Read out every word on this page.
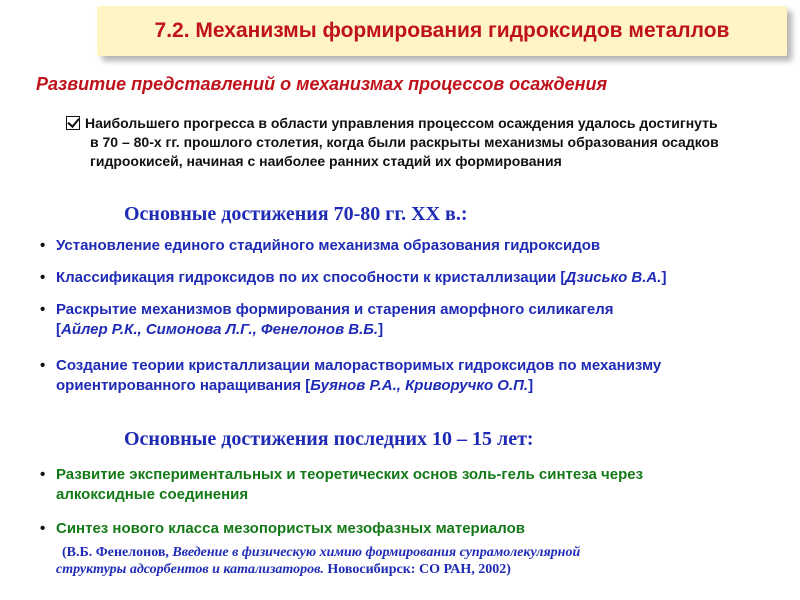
7.2. Механизмы формирования гидроксидов металлов
Развитие представлений о механизмах процессов осаждения
Наибольшего прогресса в области управления процессом осаждения удалось достигнуть
в 70 – 80-х гг. прошлого столетия, когда были раскрыты механизмы образования осадков
гидроокисей, начиная с наиболее ранних стадий их формирования
Основные достижения 70-80 гг. XX в.:
• Установление единого стадийного механизма образования гидроксидов
• Классификация гидроксидов по их способности к кристаллизации [Дзисько В.А.]
• Раскрытие механизмов формирования и старения аморфного силикагеля
[Айлер Р.К., Симонова Л.Г., Фенелонов В.Б.]
• Создание теории кристаллизации малорастворимых гидроксидов по механизму
ориентированного наращивания [Буянов Р.А., Криворучко О.П.]
Основные достижения последних 10 – 15 лет:
• Развитие экспериментальных и теоретических основ золь-гель синтеза через
алкоксидные соединения
• Синтез нового класса мезопористых мезофазных материалов
(В.Б. Фенелонов, Введение в физическую химию формирования супрамолекулярной
структуры адсорбентов и катализаторов. Новосибирск: СО РАН, 2002)
